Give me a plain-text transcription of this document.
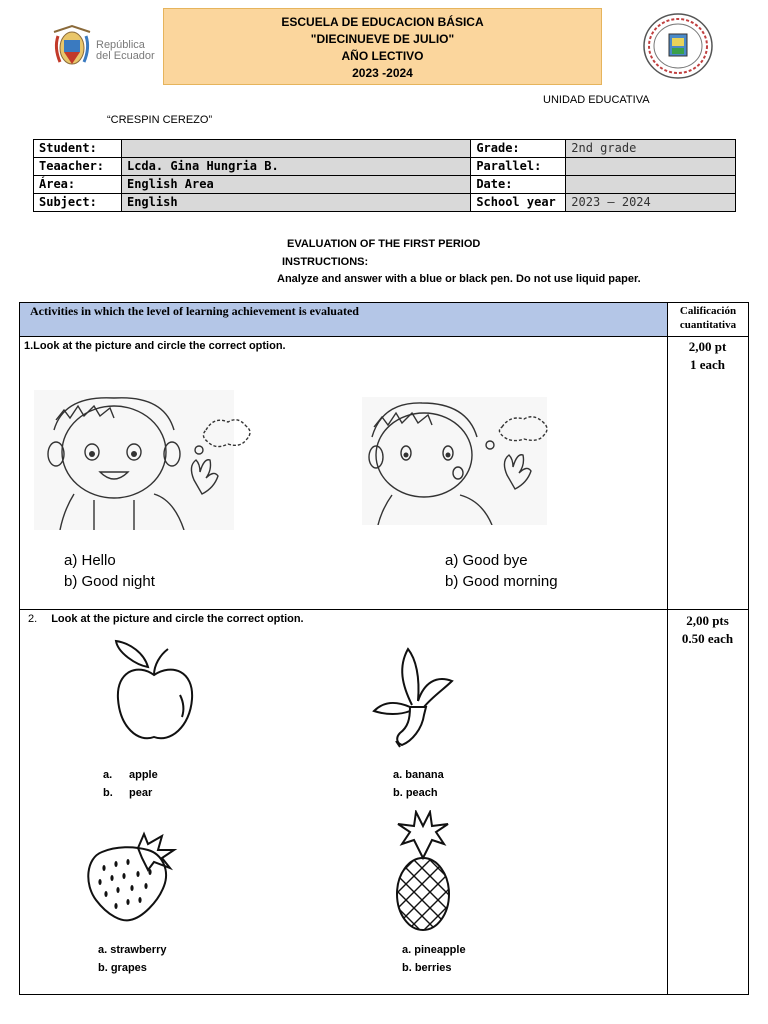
República
del Ecuador
ESCUELA DE EDUCACION BÁSICA
"DIECINUEVE DE JULIO"
AÑO LECTIVO
2023 -2024
UNIDAD EDUCATIVA
“CRESPIN CEREZO”
Student:		Grade:	2nd grade
Teaacher:	Lcda. Gina Hungria B.	Parallel:	
Área:	English Area	Date:	
Subject:	English	School year	2023 – 2024
EVALUATION OF THE FIRST PERIOD
INSTRUCTIONS:
Analyze and answer with a blue or black pen. Do not use liquid paper.
Activities in which the level of learning achievement is evaluated	Calificación
cuantitativa
1.Look at the picture and circle the correct option.	2,00 pt
1 each
a) Hello
b) Good night
a) Good bye
b) Good morning
2. Look at the picture and circle the correct option.	2,00 pts
0.50 each
a. apple
b. pear
a. banana
b. peach
a. strawberry
b. grapes
a. pineapple
b. berries
